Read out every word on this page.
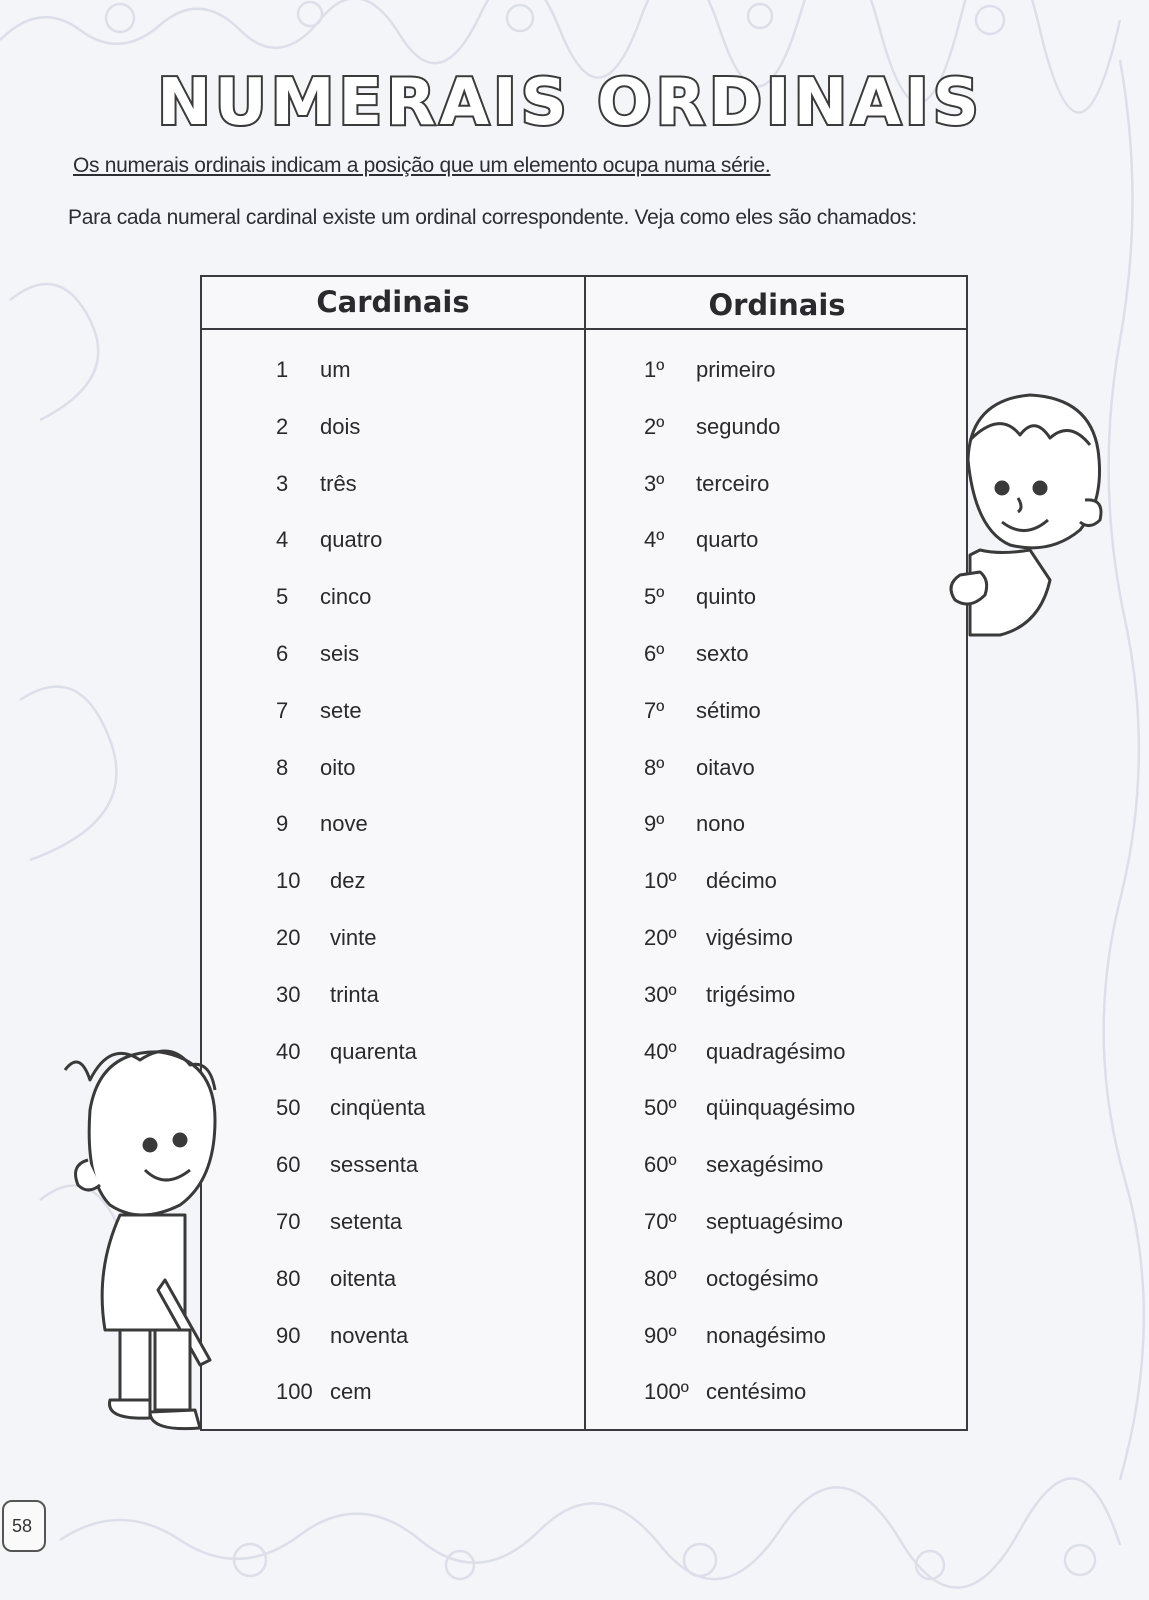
NUMERAIS ORDINAIS
Os numerais ordinais indicam a posição que um elemento ocupa numa série.
Para cada numeral cardinal existe um ordinal correspondente. Veja como eles são chamados:
Cardinais	Ordinais
1 um	1º primeiro
2 dois	2º segundo
3 três	3º terceiro
4 quatro	4º quarto
5 cinco	5º quinto
6 seis	6º sexto
7 sete	7º sétimo
8 oito	8º oitavo
9 nove	9º nono
10 dez	10º décimo
20 vinte	20º vigésimo
30 trinta	30º trigésimo
40 quarenta	40º quadragésimo
50 cinqüenta	50º qüinquagésimo
60 sessenta	60º sexagésimo
70 setenta	70º septuagésimo
80 oitenta	80º octogésimo
90 noventa	90º nonagésimo
100 cem	100º centésimo
58
